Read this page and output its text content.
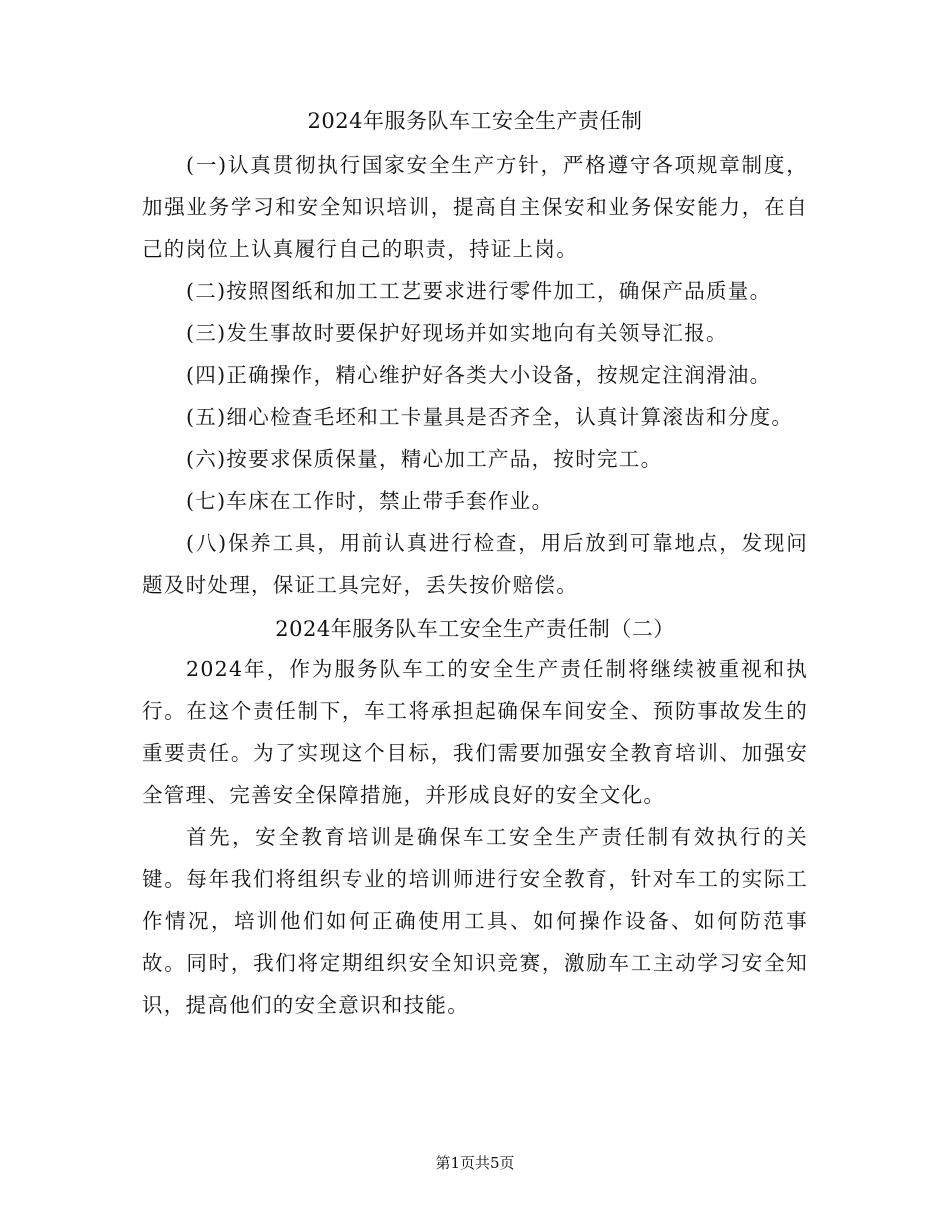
2024年服务队车工安全生产责任制

(一)认真贯彻执行国家安全生产方针，严格遵守各项规章制度，加强业务学习和安全知识培训，提高自主保安和业务保安能力，在自己的岗位上认真履行自己的职责，持证上岗。

(二)按照图纸和加工工艺要求进行零件加工，确保产品质量。

(三)发生事故时要保护好现场并如实地向有关领导汇报。

(四)正确操作，精心维护好各类大小设备，按规定注润滑油。

(五)细心检查毛坯和工卡量具是否齐全，认真计算滚齿和分度。

(六)按要求保质保量，精心加工产品，按时完工。

(七)车床在工作时，禁止带手套作业。

(八)保养工具，用前认真进行检查，用后放到可靠地点，发现问题及时处理，保证工具完好，丢失按价赔偿。

2024年服务队车工安全生产责任制（二）

2024年，作为服务队车工的安全生产责任制将继续被重视和执行。在这个责任制下，车工将承担起确保车间安全、预防事故发生的重要责任。为了实现这个目标，我们需要加强安全教育培训、加强安全管理、完善安全保障措施，并形成良好的安全文化。

首先，安全教育培训是确保车工安全生产责任制有效执行的关键。每年我们将组织专业的培训师进行安全教育，针对车工的实际工作情况，培训他们如何正确使用工具、如何操作设备、如何防范事故。同时，我们将定期组织安全知识竞赛，激励车工主动学习安全知识，提高他们的安全意识和技能。

第1页共5页
